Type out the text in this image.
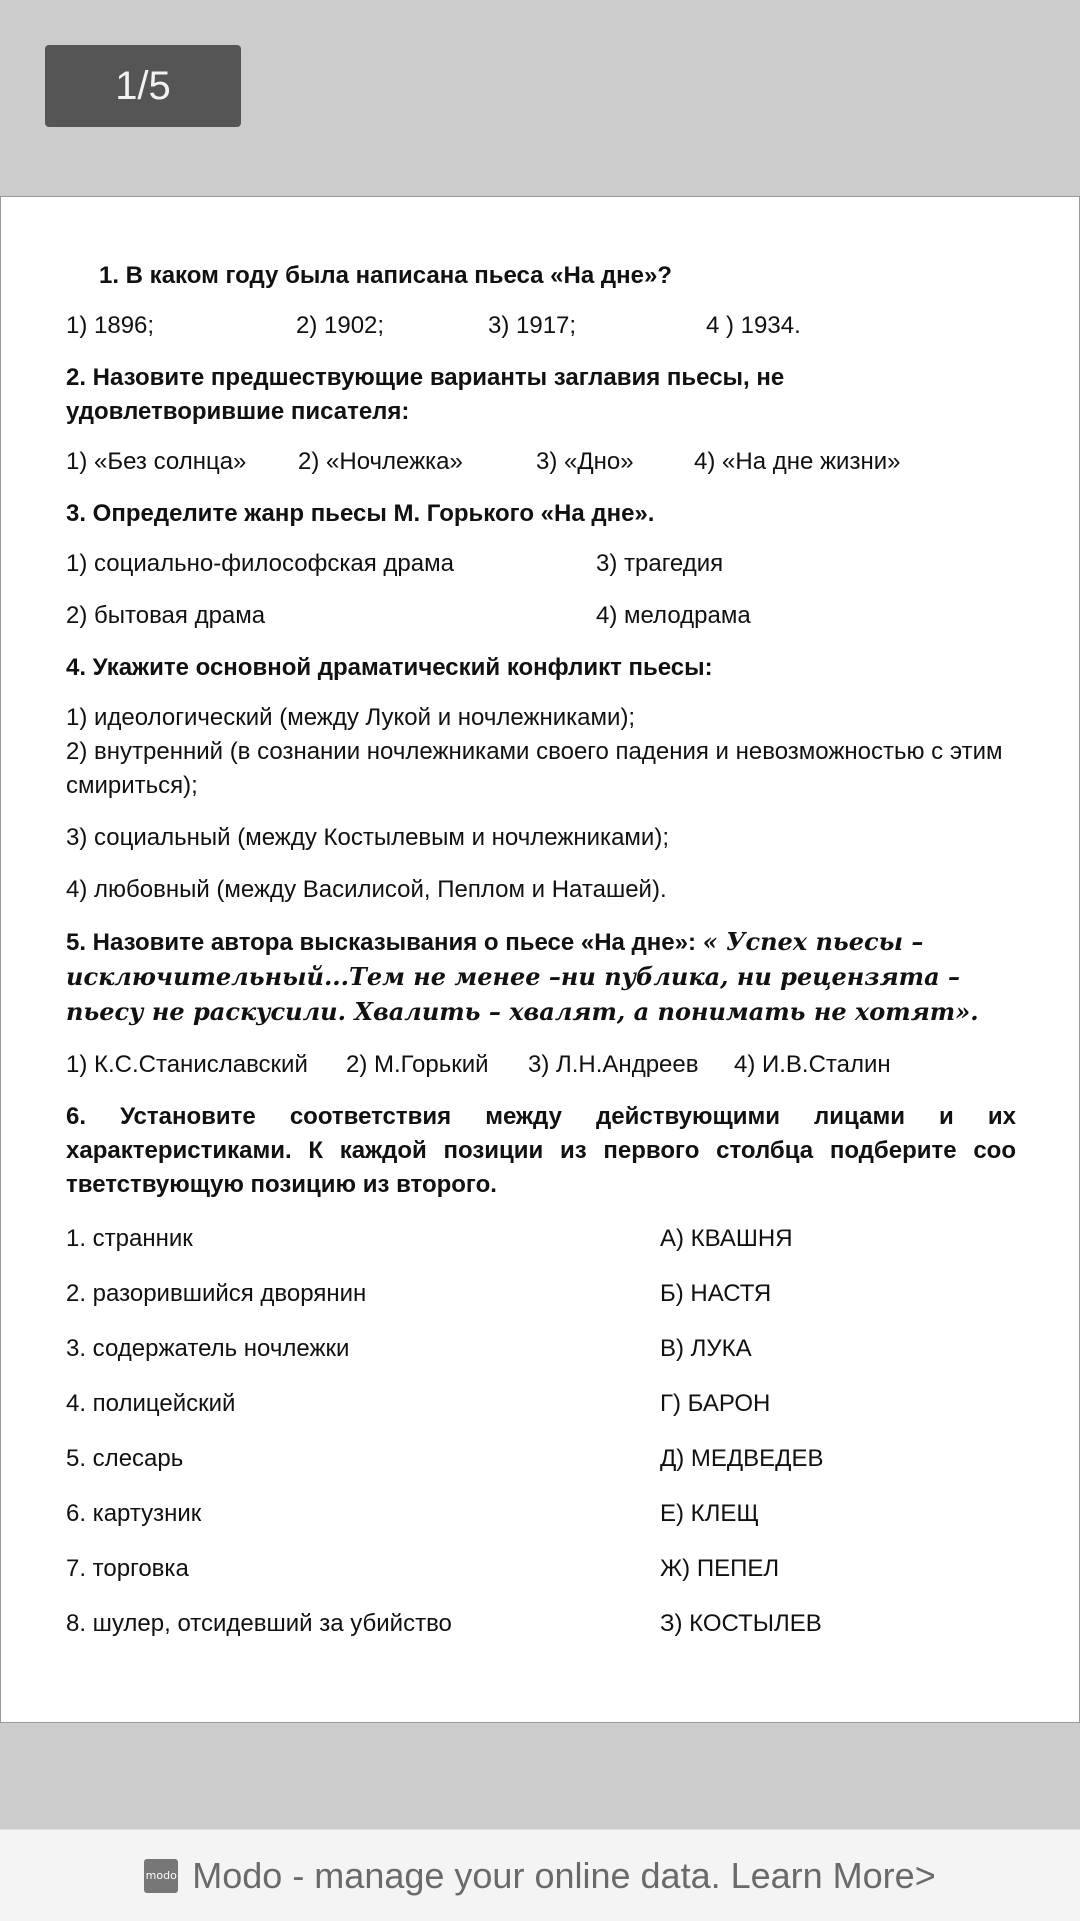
1/5
1. В каком году была написана пьеса «На дне»?
1) 1896;	2) 1902;	3) 1917;	4 ) 1934.
2. Назовите предшествующие варианты заглавия пьесы, не удовлетворившие писателя:
1) «Без солнца» 2) «Ночлежка»	3) «Дно»	4) «На дне жизни»
3. Определите жанр пьесы М. Горького «На дне».
1) социально-философская драма	3) трагедия
2) бытовая драма	4) мелодрама
4. Укажите основной драматический конфликт пьесы:
1) идеологический (между Лукой и ночлежниками);
2) внутренний (в сознании ночлежниками своего падения и невозможностью с этим смириться);
3) социальный (между Костылевым и ночлежниками);
4) любовный (между Василисой, Пеплом и Наташей).
5. Назовите автора высказывания о пьесе «На дне»: « Успех пьесы – исключительный...Тем не менее –ни публика, ни рецензята – пьесу не раскусили. Хвалить – хвалят, а понимать не хотят».
1) К.С.Станиславский 2) М.Горький 3) Л.Н.Андреев 4) И.В.Сталин
6. Установите соответствия между действующими лицами и их характеристиками. К каждой позиции из первого столбца подберите соо тветствующую позицию из второго.
1. странник	А) КВАШНЯ
2. разорившийся дворянин	Б) НАСТЯ
3. содержатель ночлежки	В) ЛУКА
4. полицейский	Г) БАРОН
5. слесарь	Д) МЕДВЕДЕВ
6. картузник	Е) КЛЕЩ
7. торговка	Ж) ПЕПЕЛ
8. шулер, отсидевший за убийство	З) КОСТЫЛЕВ
mo do Modo - manage your online data. Learn More>
